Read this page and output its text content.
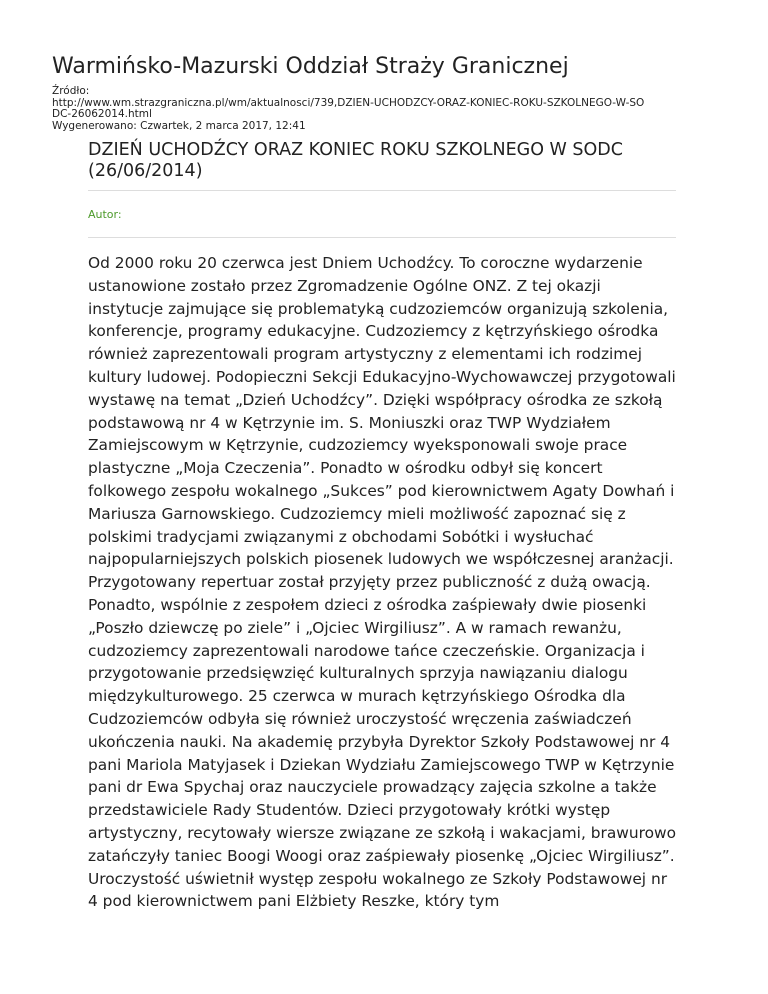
Warmińsko-Mazurski Oddział Straży Granicznej
Źródło:
http://www.wm.strazgraniczna.pl/wm/aktualnosci/739,DZIEN-UCHODZCY-ORAZ-KONIEC-ROKU-SZKOLNEGO-W-SO
DC-26062014.html
Wygenerowano: Czwartek, 2 marca 2017, 12:41
DZIEŃ UCHODŹCY ORAZ KONIEC ROKU SZKOLNEGO W SODC (26/06/2014)
Autor:

Od 2000 roku 20 czerwca jest Dniem Uchodźcy. To coroczne wydarzenie ustanowione zostało przez Zgromadzenie Ogólne ONZ. Z tej okazji instytucje zajmujące się problematyką cudzoziemców organizują szkolenia, konferencje, programy edukacyjne. Cudzoziemcy z kętrzyńskiego ośrodka również zaprezentowali program artystyczny z elementami ich rodzimej kultury ludowej. Podopieczni Sekcji Edukacyjno-Wychowawczej przygotowali wystawę na temat „Dzień Uchodźcy”. Dzięki współpracy ośrodka ze szkołą podstawową nr 4 w Kętrzynie im. S. Moniuszki oraz TWP Wydziałem Zamiejscowym w Kętrzynie, cudzoziemcy wyeksponowali swoje prace plastyczne „Moja Czeczenia”. Ponadto w ośrodku odbył się koncert folkowego zespołu wokalnego „Sukces” pod kierownictwem Agaty Dowhań i Mariusza Garnowskiego. Cudzoziemcy mieli możliwość zapoznać się z polskimi tradycjami związanymi z obchodami Sobótki i wysłuchać najpopularniejszych polskich piosenek ludowych we współczesnej aranżacji. Przygotowany repertuar został przyjęty przez publiczność z dużą owacją. Ponadto, wspólnie z zespołem dzieci z ośrodka zaśpiewały dwie piosenki „Poszło dziewczę po ziele” i „Ojciec Wirgiliusz”. A w ramach rewanżu, cudzoziemcy zaprezentowali narodowe tańce czeczeńskie. Organizacja i przygotowanie przedsięwzięć kulturalnych sprzyja nawiązaniu dialogu międzykulturowego. 25 czerwca w murach kętrzyńskiego Ośrodka dla Cudzoziemców odbyła się również uroczystość wręczenia zaświadczeń ukończenia nauki. Na akademię przybyła Dyrektor Szkoły Podstawowej nr 4 pani Mariola Matyjasek i Dziekan Wydziału Zamiejscowego TWP w Kętrzynie pani dr Ewa Spychaj oraz nauczyciele prowadzący zajęcia szkolne a także przedstawiciele Rady Studentów. Dzieci przygotowały krótki występ artystyczny, recytowały wiersze związane ze szkołą i wakacjami, brawurowo zatańczyły taniec Boogi Woogi oraz zaśpiewały piosenkę „Ojciec Wirgiliusz”. Uroczystość uświetnił występ zespołu wokalnego ze Szkoły Podstawowej nr 4 pod kierownictwem pani Elżbiety Reszke, który tym
